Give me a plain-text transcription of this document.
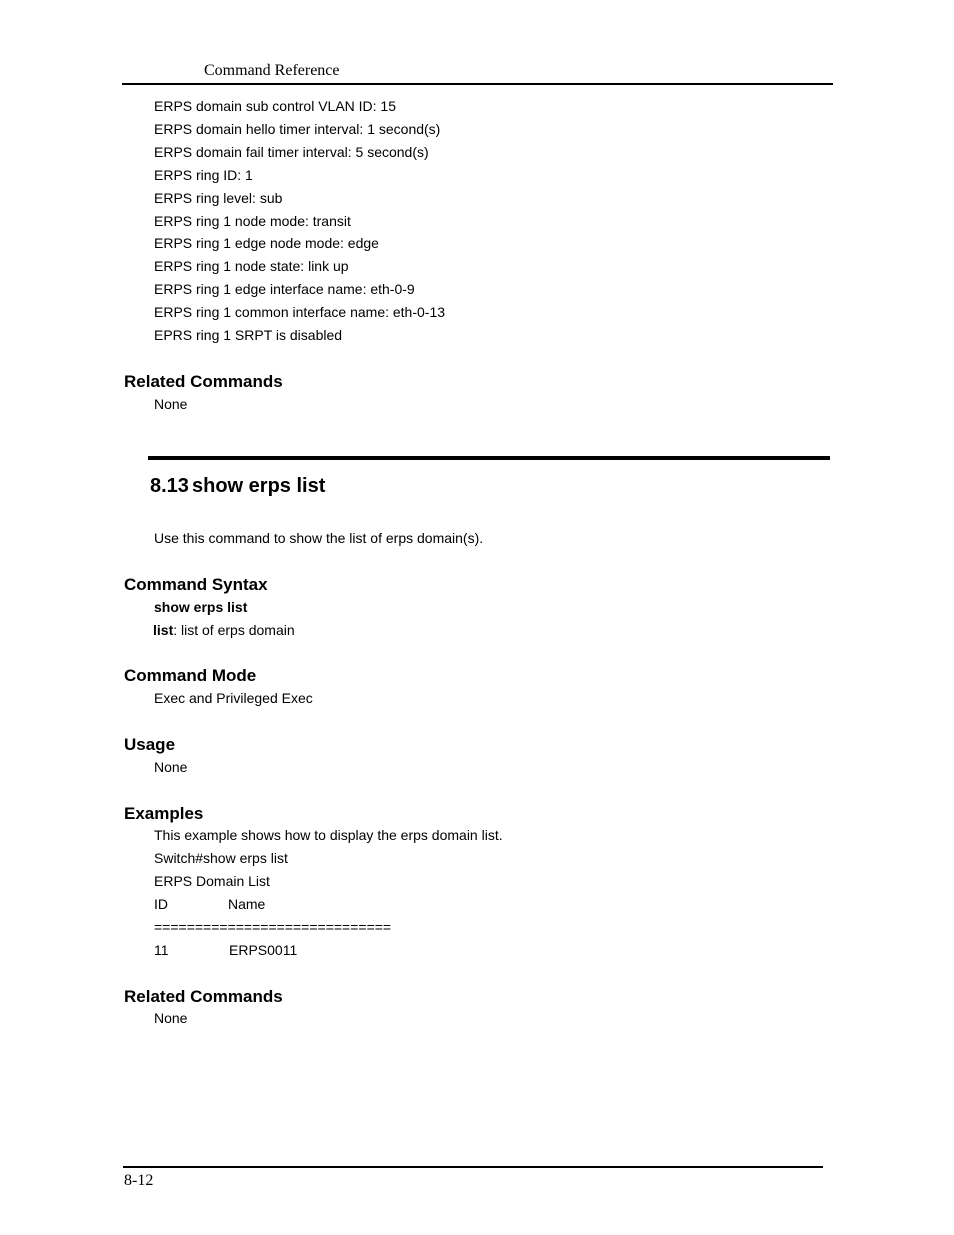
Command Reference
ERPS domain sub control VLAN ID: 15
ERPS domain hello timer interval: 1 second(s)
ERPS domain fail timer interval: 5 second(s)
ERPS ring ID: 1
ERPS ring level: sub
ERPS ring 1 node mode: transit
ERPS ring 1 edge node mode: edge
ERPS ring 1 node state: link up
ERPS ring 1 edge interface name: eth-0-9
ERPS ring 1 common interface name: eth-0-13
EPRS ring 1 SRPT is disabled
Related Commands
None
8.13 show erps list
Use this command to show the list of erps domain(s).
Command Syntax
show erps list
list: list of erps domain
Command Mode
Exec and Privileged Exec
Usage
None
Examples
This example shows how to display the erps domain list.
Switch#show erps list
ERPS Domain List
ID	Name
=============================
11	ERPS0011
Related Commands
None
8-12
